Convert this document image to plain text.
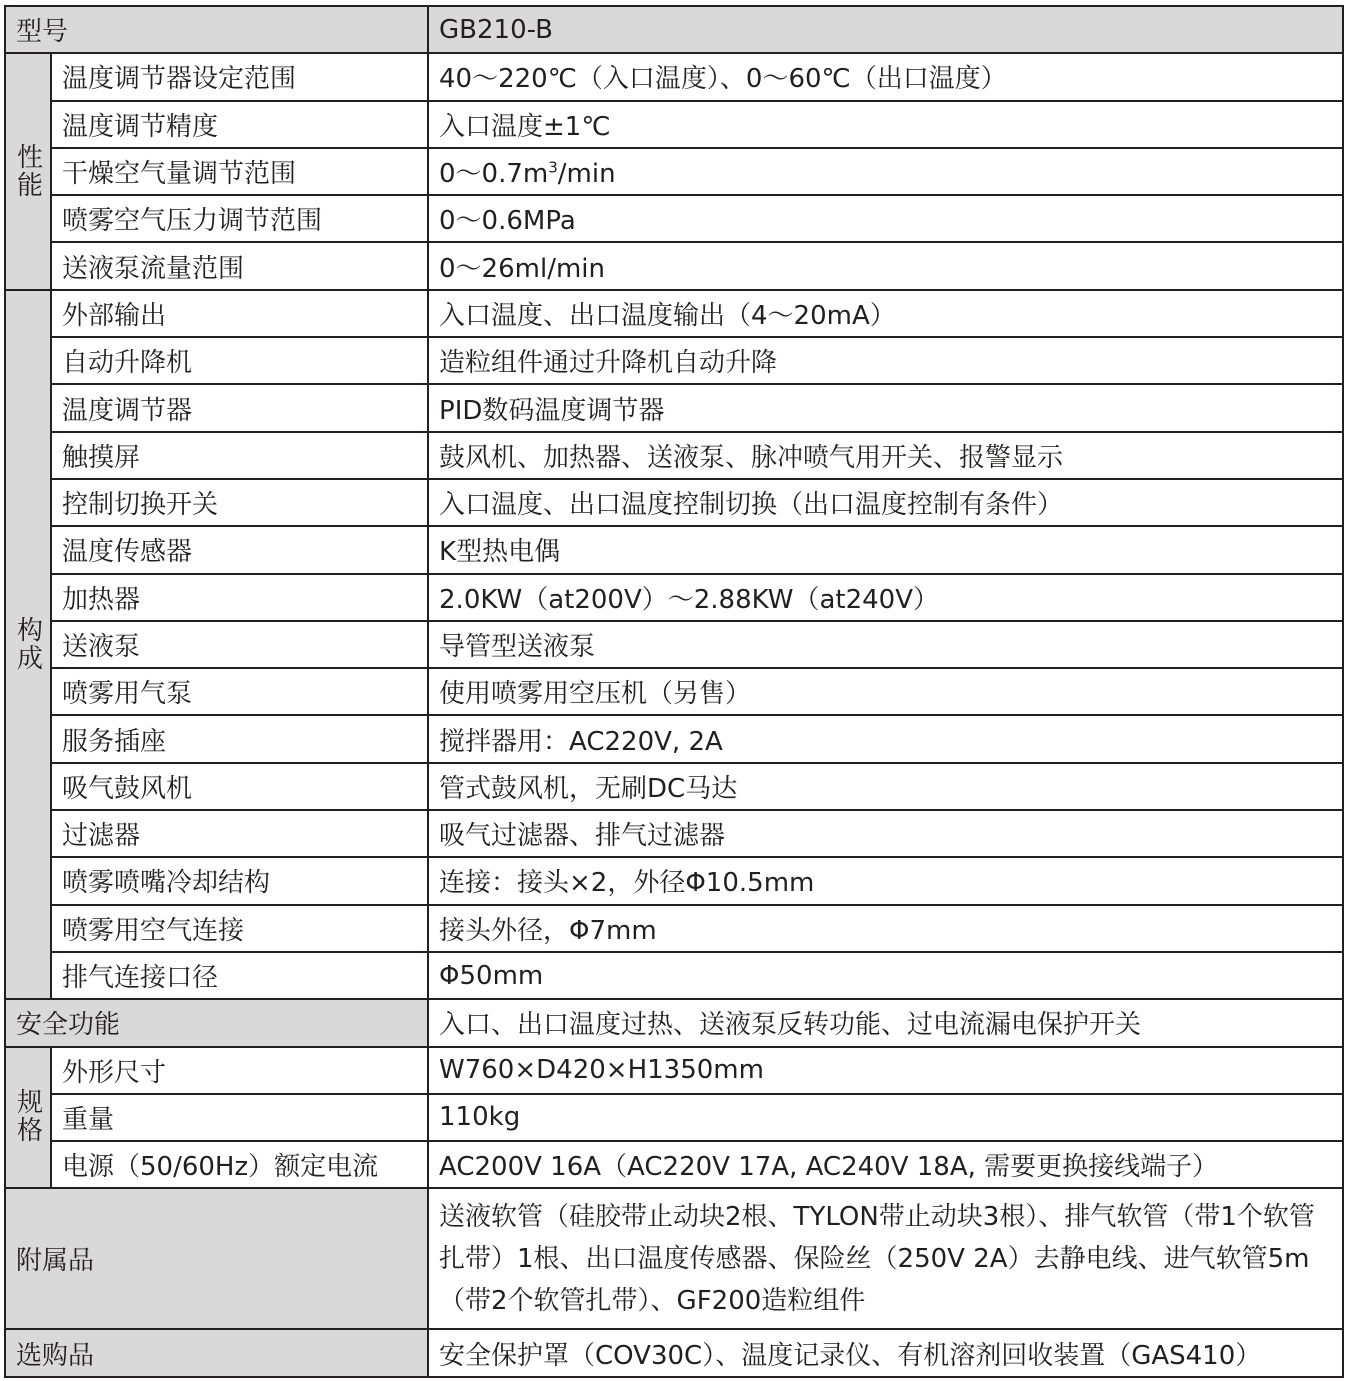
型号		GB210-B
性能	温度调节器设定范围	40～220℃（入口温度）、0～60℃（出口温度）
	温度调节精度	入口温度±1℃
	干燥空气量调节范围	$0\sim 0.7m^3/\min$
	喷雾空气压力调节范围	0～0.6MPa
	送液泵流量范围	0～26ml/min
构成	外部输出	入口温度、出口温度输出（4～20mA）
	自动升降机	造粒组件通过升降机自动升降
	温度调节器	PID数码温度调节器
	触摸屏	鼓风机、加热器、送液泵、脉冲喷气用开关、报警显示
	控制切换开关	入口温度、出口温度控制切换（出口温度控制有条件）
	温度传感器	K型热电偶
	加热器	2.0KW（at200V）～2.88KW（at240V）
	送液泵	导管型送液泵
	喷雾用气泵	使用喷雾用空压机（另售）
	服务插座	搅拌器用：AC220V, 2A
	吸气鼓风机	管式鼓风机，无刷DC马达
	过滤器	吸气过滤器、排气过滤器
	喷雾喷嘴冷却结构	连接：接头×2，外径Φ10.5mm
	喷雾用空气连接	接头外径，Φ7mm
	排气连接口径	Φ50mm
安全功能		入口、出口温度过热、送液泵反转功能、过电流漏电保护开关
规格	外形尺寸	W760×D420×H1350mm
	重量	110kg
	电源（50/60Hz）额定电流	AC200V 16A（AC220V 17A, AC240V 18A, 需要更换接线端子）
附属品		送液软管（硅胶带止动块2根、TYLON带止动块3根）、排气软管（带1个软管扎带）1根、出口温度传感器、保险丝（250V 2A）去静电线、进气软管5m（带2个软管扎带）、GF200造粒组件
选购品		安全保护罩（COV30C）、温度记录仪、有机溶剂回收装置（GAS410）
